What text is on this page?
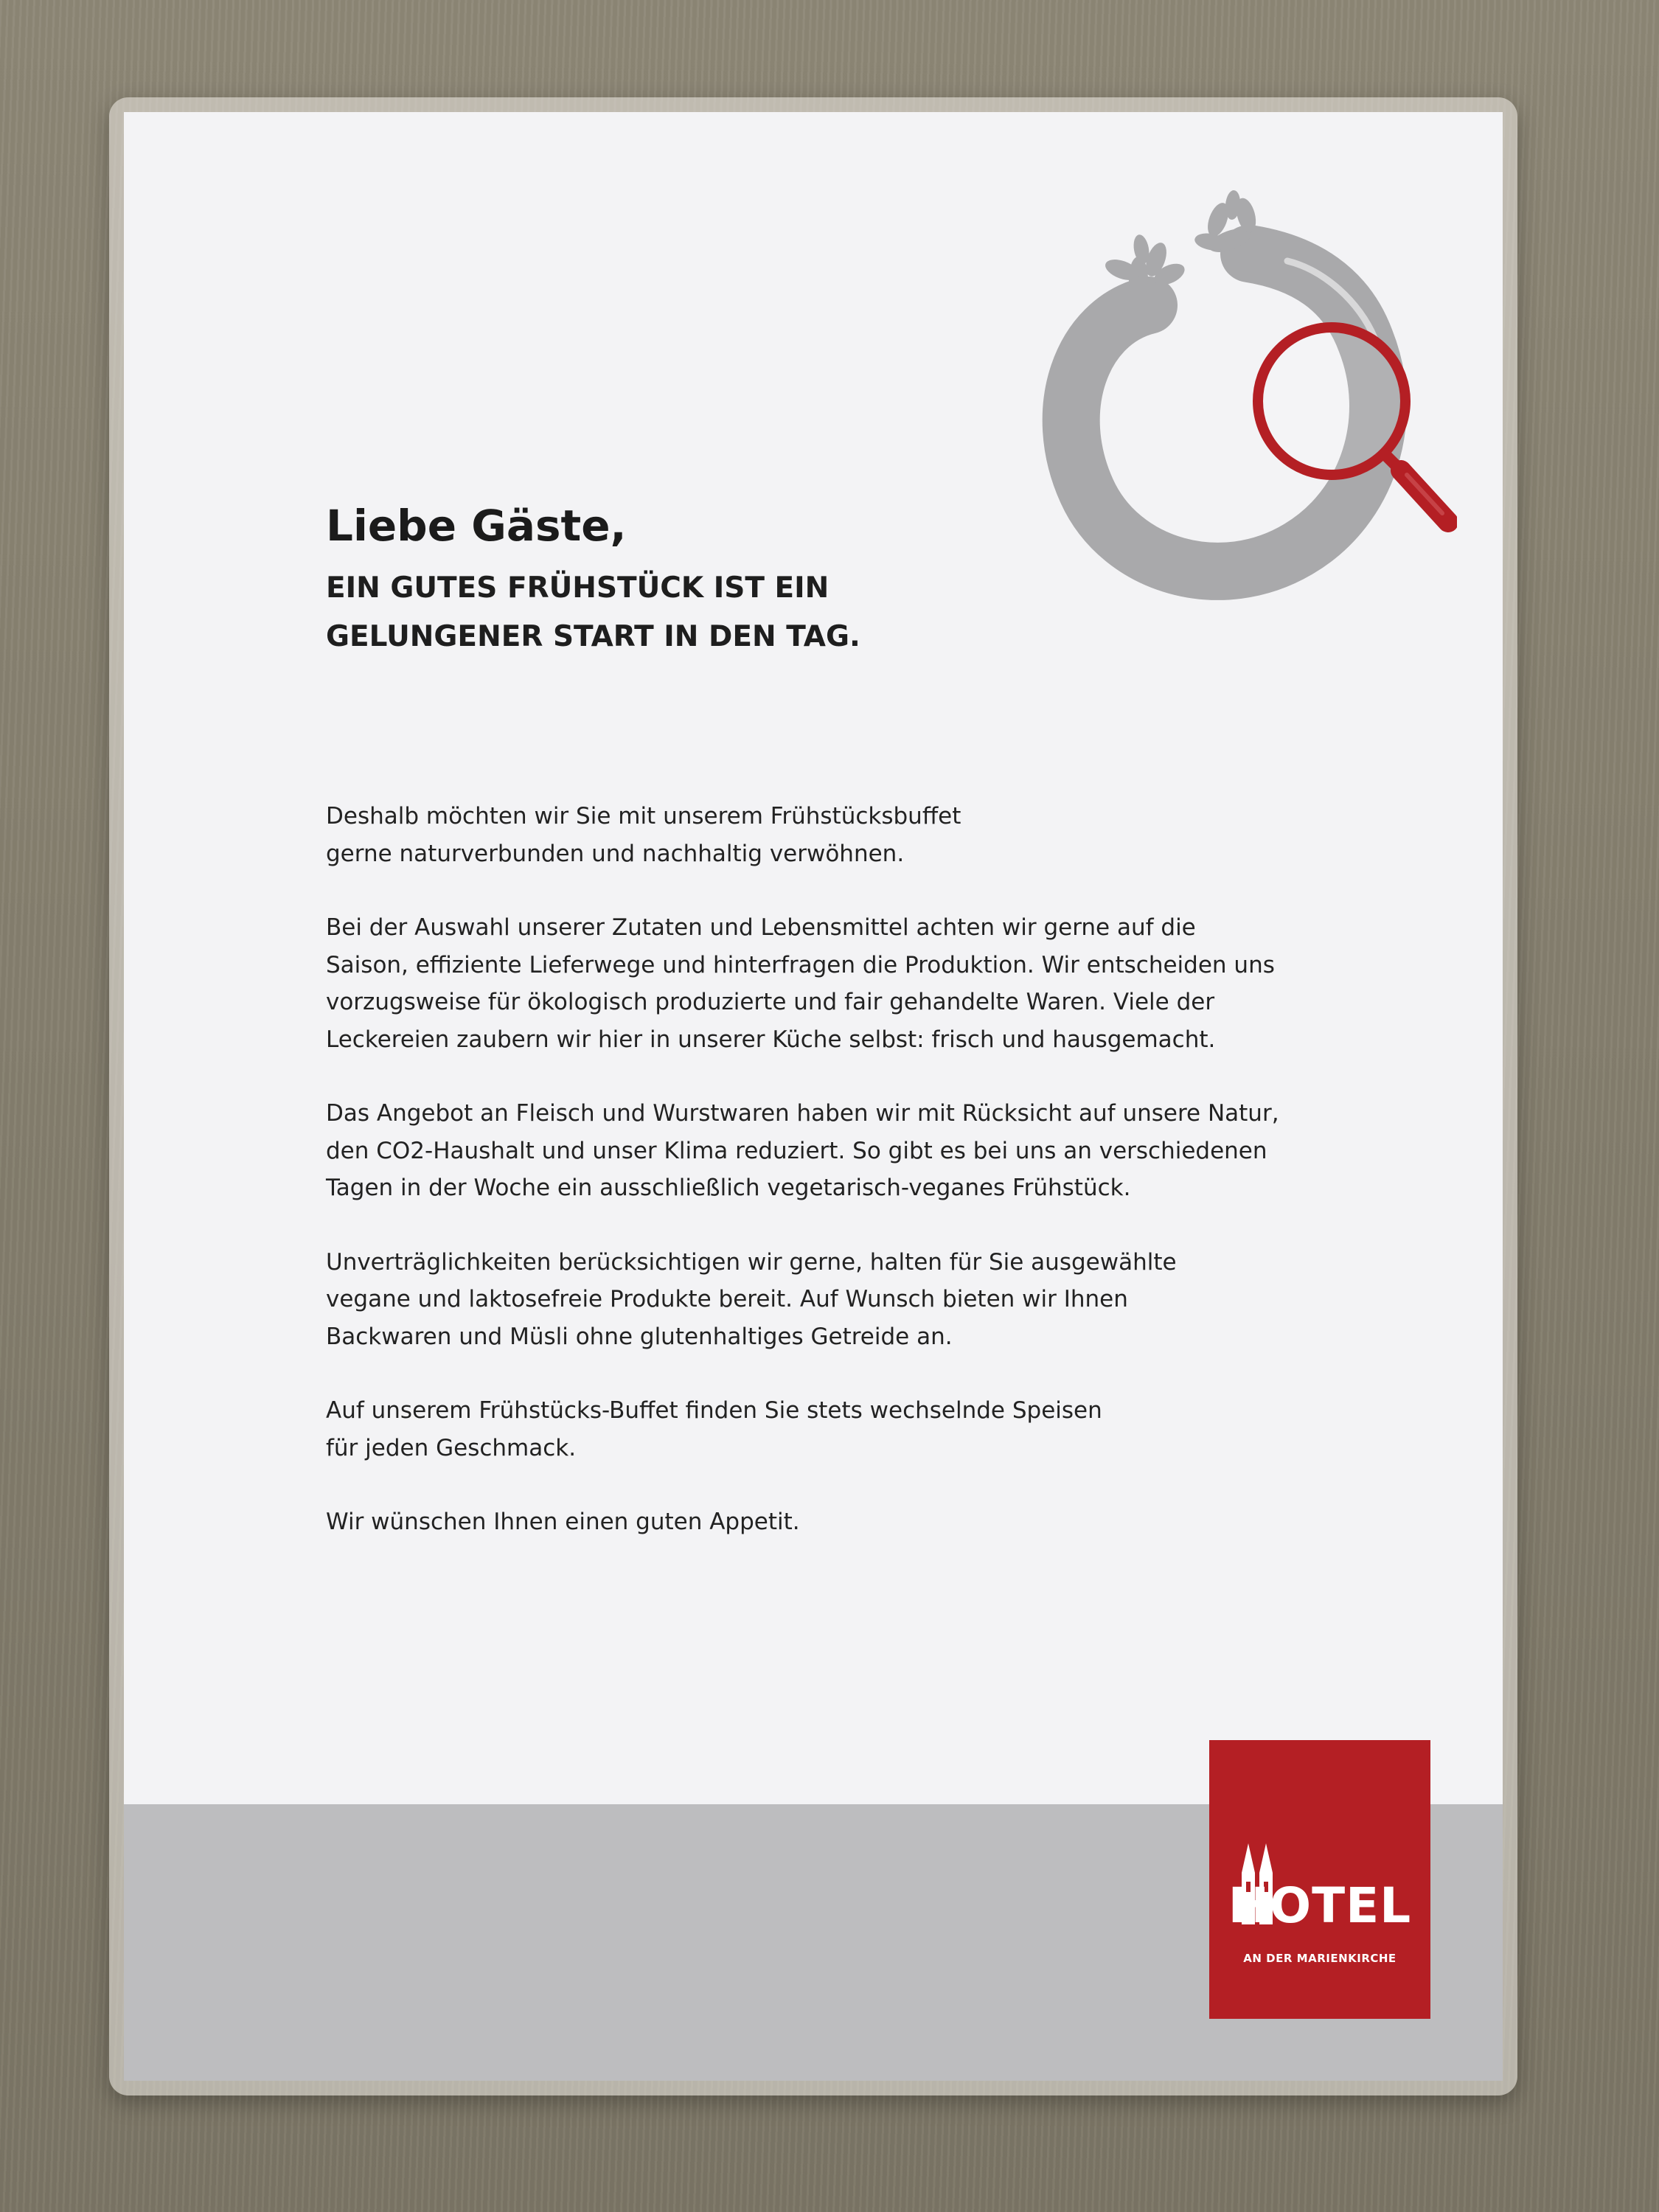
Liebe Gäste,
EIN GUTES FRÜHSTÜCK IST EIN
GELUNGENER START IN DEN TAG.

Deshalb möchten wir Sie mit unserem Frühstücksbuffet
gerne naturverbunden und nachhaltig verwöhnen.

Bei der Auswahl unserer Zutaten und Lebensmittel achten wir gerne auf die
Saison, effiziente Lieferwege und hinterfragen die Produktion. Wir entscheiden uns
vorzugsweise für ökologisch produzierte und fair gehandelte Waren. Viele der
Leckereien zaubern wir hier in unserer Küche selbst: frisch und hausgemacht.

Das Angebot an Fleisch und Wurstwaren haben wir mit Rücksicht auf unsere Natur,
den CO2-Haushalt und unser Klima reduziert. So gibt es bei uns an verschiedenen
Tagen in der Woche ein ausschließlich vegetarisch-veganes Frühstück.

Unverträglichkeiten berücksichtigen wir gerne, halten für Sie ausgewählte
vegane und laktosefreie Produkte bereit. Auf Wunsch bieten wir Ihnen
Backwaren und Müsli ohne glutenhaltiges Getreide an.

Auf unserem Frühstücks-Buffet finden Sie stets wechselnde Speisen
für jeden Geschmack.

Wir wünschen Ihnen einen guten Appetit.

HOTEL
AN DER MARIENKIRCHE
